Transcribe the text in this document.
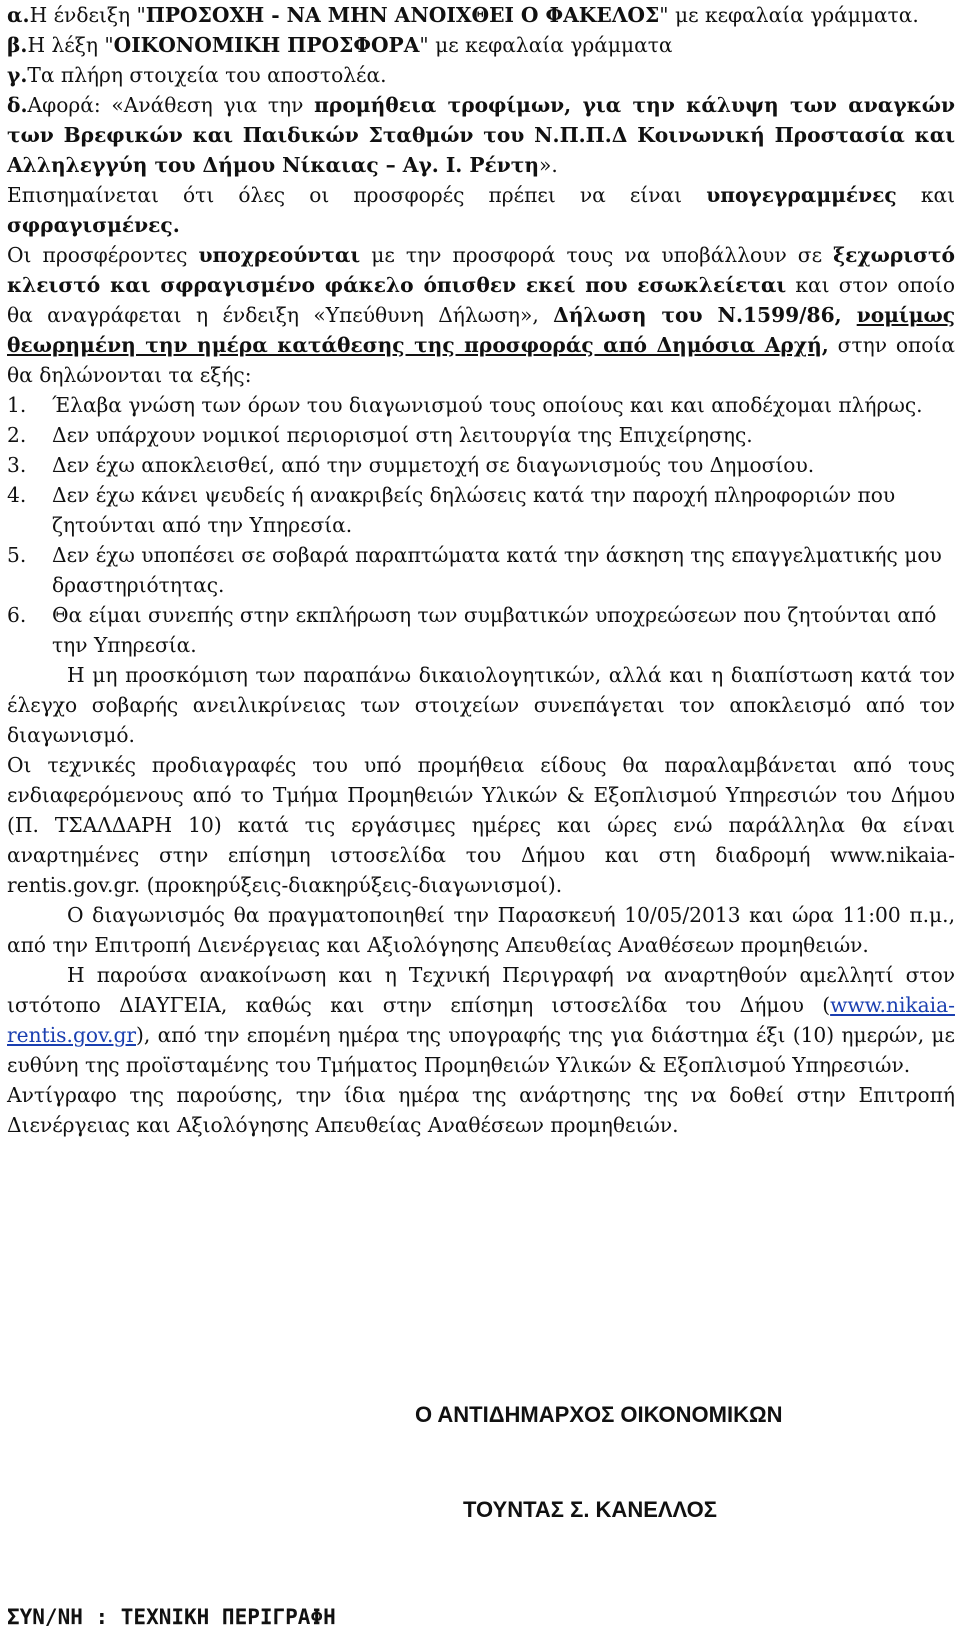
α.Η ένδειξη "ΠΡΟΣΟΧΗ - ΝΑ ΜΗΝ ΑΝΟΙΧΘΕΙ Ο ΦΑΚΕΛΟΣ" με κεφαλαία γράμματα.

β.Η λέξη "ΟΙΚΟΝΟΜΙΚΗ ΠΡΟΣΦΟΡΑ" με κεφαλαία γράμματα

γ.Τα πλήρη στοιχεία του αποστολέα.

δ.Αφορά: «Ανάθεση για την προμήθεια τροφίμων, για την κάλυψη των αναγκών των Βρεφικών και Παιδικών Σταθμών του Ν.Π.Π.Δ Κοινωνική Προστασία και Αλληλεγγύη του Δήμου Νίκαιας – Αγ. Ι. Ρέντη».

Επισημαίνεται ότι όλες οι προσφορές πρέπει να είναι υπογεγραμμένες και σφραγισμένες.

Οι προσφέροντες υποχρεούνται με την προσφορά τους να υποβάλλουν σε ξεχωριστό κλειστό και σφραγισμένο φάκελο όπισθεν εκεί που εσωκλείεται και στον οποίο θα αναγράφεται η ένδειξη «Υπεύθυνη Δήλωση», Δήλωση του Ν.1599/86, νομίμως θεωρημένη την ημέρα κατάθεσης της προσφοράς από Δημόσια Αρχή, στην οποία θα δηλώνονται τα εξής:

1. Έλαβα γνώση των όρων του διαγωνισμού τους οποίους και και αποδέχομαι πλήρως.
2. Δεν υπάρχουν νομικοί περιορισμοί στη λειτουργία της Επιχείρησης.
3. Δεν έχω αποκλεισθεί, από την συμμετοχή σε διαγωνισμούς του Δημοσίου.
4. Δεν έχω κάνει ψευδείς ή ανακριβείς δηλώσεις κατά την παροχή πληροφοριών που ζητούνται από την Υπηρεσία.
5. Δεν έχω υποπέσει σε σοβαρά παραπτώματα κατά την άσκηση της επαγγελματικής μου δραστηριότητας.
6. Θα είμαι συνεπής στην εκπλήρωση των συμβατικών υποχρεώσεων που ζητούνται από την Υπηρεσία.

Η μη προσκόμιση των παραπάνω δικαιολογητικών, αλλά και η διαπίστωση κατά τον έλεγχο σοβαρής ανειλικρίνειας των στοιχείων συνεπάγεται τον αποκλεισμό από τον διαγωνισμό.

Οι τεχνικές προδιαγραφές του υπό προμήθεια είδους θα παραλαμβάνεται από τους ενδιαφερόμενους από το Τμήμα Προμηθειών Υλικών & Εξοπλισμού Υπηρεσιών του Δήμου (Π. ΤΣΑΛΔΑΡΗ 10) κατά τις εργάσιμες ημέρες και ώρες ενώ παράλληλα θα είναι αναρτημένες στην επίσημη ιστοσελίδα του Δήμου και στη διαδρομή www.nikaia-rentis.gov.gr. (προκηρύξεις-διακηρύξεις-διαγωνισμοί).

Ο διαγωνισμός θα πραγματοποιηθεί την Παρασκευή 10/05/2013 και ώρα 11:00 π.μ., από την Επιτροπή Διενέργειας και Αξιολόγησης Απευθείας Αναθέσεων προμηθειών.

Η παρούσα ανακοίνωση και η Τεχνική Περιγραφή να αναρτηθούν αμελλητί στον ιστότοπο ΔΙΑΥΓΕΙΑ, καθώς και στην επίσημη ιστοσελίδα του Δήμου (www.nikaia-rentis.gov.gr), από την επομένη ημέρα της υπογραφής της για διάστημα έξι (10) ημερών, με ευθύνη της προϊσταμένης του Τμήματος Προμηθειών Υλικών & Εξοπλισμού Υπηρεσιών.

Αντίγραφο της παρούσης, την ίδια ημέρα της ανάρτησης της να δοθεί στην Επιτροπή Διενέργειας και Αξιολόγησης Απευθείας Αναθέσεων προμηθειών.

Ο ΑΝΤΙΔΗΜΑΡΧΟΣ ΟΙΚΟΝΟΜΙΚΩΝ
ΤΟΥΝΤΑΣ Σ. ΚΑΝΕΛΛΟΣ
ΣΥΝ/ΝΗ : ΤΕΧΝΙΚΗ ΠΕΡΙΓΡΑΦΗ
